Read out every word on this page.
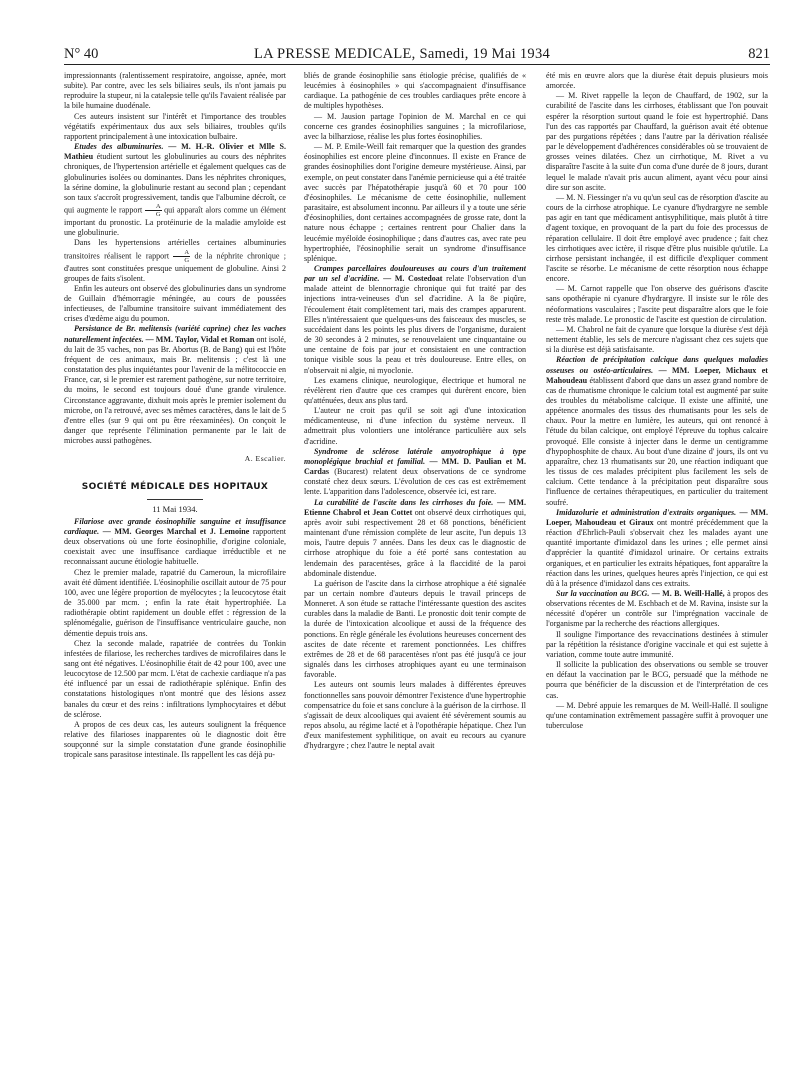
N° 40	LA PRESSE MEDICALE, Samedi, 19 Mai 1934	821

impressionnants (ralentissement respiratoire, angoisse, apnée, mort subite). Par contre, avec les sels biliaires seuls, ils n'ont jamais pu reproduire la stupeur, ni la catalepsie telle qu'ils l'avaient réalisée par la bile humaine duodénale.

Ces auteurs insistent sur l'intérêt et l'importance des troubles végétatifs expérimentaux dus aux sels biliaires, troubles qu'ils rapportent principalement à une intoxication bulbaire.

Etudes des albuminuries. — M. H.-R. Olivier et Mlle S. Mathieu étudient surtout les globulinuries au cours des néphrites chroniques, de l'hypertension artérielle et également quelques cas de globulinuries isolées ou dominantes. Dans les néphrites chroniques, la sérine domine, la globulinurie restant au second plan ; cependant son taux s'accroît progressivement, tandis que l'albumine décroît, ce qui augmente le rapport $\frac{A}{G}$ qui apparaît alors comme un élément important du pronostic. La protéinurie de la maladie amyloïde est une globulinurie.

Dans les hypertensions artérielles certaines albuminuries transitoires réalisent le rapport $\frac{A}{G}$ de la néphrite chronique ; d'autres sont constituées presque uniquement de globuline. Ainsi 2 groupes de faits s'isolent.

Enfin les auteurs ont observé des globulinuries dans un syndrome de Guillain d'hémorragie méningée, au cours de poussées infectieuses, de l'albumine transitoire suivant immédiatement des crises d'œdème aigu du poumon.

Persistance de Br. melitensis (variété caprine) chez les vaches naturellement infectées. — MM. Taylor, Vidal et Roman ont isolé, du lait de 35 vaches, non pas Br. Abortus (B. de Bang) qui est l'hôte fréquent de ces animaux, mais Br. melitensis ; c'est là une constatation des plus inquiétantes pour l'avenir de la mélitococcie en France, car, si le premier est rarement pathogène, sur notre territoire, du moins, le second est toujours doué d'une grande virulence. Circonstance aggravante, dixhuit mois après le premier isolement du microbe, on l'a retrouvé, avec ses mêmes caractères, dans le lait de 5 d'entre elles (sur 9 qui ont pu être réexaminées). On conçoit le danger que représente l'élimination permanente par le lait de microbes aussi pathogènes.

A. Escalier.
SOCIÉTÉ MÉDICALE DES HOPITAUX
11 Mai 1934.

Filariose avec grande éosinophilie sanguine et insuffisance cardiaque. — MM. Georges Marchal et J. Lemoine rapportent deux observations où une forte éosinophilie, d'origine coloniale, coexistait avec une insuffisance cardiaque irréductible et ne reconnaissant aucune étiologie habituelle.

Chez le premier malade, rapatrié du Cameroun, la microfilaire avait été dûment identifiée. L'éosinophilie oscillait autour de 75 pour 100, avec une légère proportion de myélocytes ; la leucocytose était de 35.000 par mcm. ; enfin la rate était hypertrophiée. La radiothérapie obtint rapidement un double effet : régression de la splénomégalie, guérison de l'insuffisance ventriculaire gauche, non démentie depuis trois ans.

Chez la seconde malade, rapatriée de contrées du Tonkin infestées de filariose, les recherches tardives de microfilaires dans le sang ont été négatives. L'éosinophilie était de 42 pour 100, avec une leucocytose de 12.500 par mcm. L'état de cachexie cardiaque n'a pas été influencé par un essai de radiothérapie splénique. Enfin des constatations histologiques n'ont montré que des lésions assez banales du cœur et des reins : infiltrations lymphocytaires et début de sclérose.

A propos de ces deux cas, les auteurs soulignent la fréquence relative des filarioses inapparentes où le diagnostic doit être soupçonné sur la simple constatation d'une grande éosinophilie tropicale sans parasitose intestinale. Ils rappellent les cas déjà pu-

bliés de grande éosinophilie sans étiologie précise, qualifiés de « leucémies à éosinophiles » qui s'accompagnaient d'insuffisance cardiaque. La pathogénie de ces troubles cardiaques prête encore à de multiples hypothèses.

— M. Jausion partage l'opinion de M. Marchal en ce qui concerne ces grandes éosinophilies sanguines ; la microfilariose, avec la bilharziose, réalise les plus fortes éosinophilies.

— M. P. Emile-Weill fait remarquer que la question des grandes éosinophilies est encore pleine d'inconnues. Il existe en France de grandes éosinophilies dont l'origine demeure mystérieuse. Ainsi, par exemple, on peut constater dans l'anémie pernicieuse qui a été traitée avec succès par l'hépatothérapie jusqu'à 60 et 70 pour 100 d'éosinophiles. Le mécanisme de cette éosinophilie, nullement parasitaire, est absolument inconnu. Par ailleurs il y a toute une série d'éosinophilies, dont certaines accompagnées de grosse rate, dont la nature nous échappe ; certaines rentrent pour Chalier dans la leucémie myéloïde éosinophilique ; dans d'autres cas, avec rate peu hypertrophiée, l'éosinophilie serait un syndrome d'insuffisance splénique.

Crampes parcellaires douloureuses au cours d'un traitement par un sel d'acridine. — M. Costedoat relate l'observation d'un malade atteint de blennorragie chronique qui fut traité par des injections intra-veineuses d'un sel d'acridine. A la 8e piqûre, l'écoulement était complètement tari, mais des crampes apparurent. Elles n'intéressaient que quelques-uns des faisceaux des muscles, se succédaient dans les points les plus divers de l'organisme, duraient de 30 secondes à 2 minutes, se renouvelaient une cinquantaine ou une centaine de fois par jour et consistaient en une contraction tonique visible sous la peau et très douloureuse. Entre elles, on n'observait ni algie, ni myoclonie.

Les examens clinique, neurologique, électrique et humoral ne révélèrent rien d'autre que ces crampes qui durèrent encore, bien qu'atténuées, deux ans plus tard.

L'auteur ne croit pas qu'il se soit agi d'une intoxication médicamenteuse, ni d'une infection du système nerveux. Il admettrait plus volontiers une intolérance particulière aux sels d'acridine.

Syndrome de sclérose latérale amyotrophique à type monoplégique brachial et familial. — MM. D. Paulian et M. Cardas (Bucarest) relatent deux observations de ce syndrome constaté chez deux sœurs. L'évolution de ces cas est extrêmement lente. L'apparition dans l'adolescence, observée ici, est rare.

La curabilité de l'ascite dans les cirrhoses du foie. — MM. Etienne Chabrol et Jean Cottet ont observé deux cirrhotiques qui, après avoir subi respectivement 28 et 68 ponctions, bénéficient maintenant d'une rémission complète de leur ascite, l'un depuis 13 mois, l'autre depuis 7 années. Dans les deux cas le diagnostic de cirrhose atrophique du foie a été porté sans contestation au lendemain des paracentèses, grâce à la flaccidité de la paroi abdominale distendue.

La guérison de l'ascite dans la cirrhose atrophique a été signalée par un certain nombre d'auteurs depuis le travail princeps de Monneret. A son étude se rattache l'intéressante question des ascites curables dans la maladie de Banti. Le pronostic doit tenir compte de la durée de l'intoxication alcoolique et aussi de la fréquence des ponctions. En règle générale les évolutions heureuses concernent des ascites de date récente et rarement ponctionnées. Les chiffres extrêmes de 28 et de 68 paracentèses n'ont pas été jusqu'à ce jour signalés dans les cirrhoses atrophiques ayant eu une terminaison favorable.

Les auteurs ont soumis leurs malades à différentes épreuves fonctionnelles sans pouvoir démontrer l'existence d'une hypertrophie compensatrice du foie et sans conclure à la guérison de la cirrhose. Il s'agissait de deux alcooliques qui avaient été sévèrement soumis au repos absolu, au régime lacté et à l'opothérapie hépatique. Chez l'un d'eux manifestement syphilitique, on avait eu recours au cyanure d'hydrargyre ; chez l'autre le neptal avait

été mis en œuvre alors que la diurèse était depuis plusieurs mois amorcée.

— M. Rivet rappelle la leçon de Chauffard, de 1902, sur la curabilité de l'ascite dans les cirrhoses, établissant que l'on pouvait espérer la résorption surtout quand le foie est hypertrophié. Dans l'un des cas rapportés par Chauffard, la guérison avait été obtenue par des purgations répétées ; dans l'autre par la dérivation réalisée par le développement d'adhérences considérables où se trouvaient de grosses veines dilatées. Chez un cirrhotique, M. Rivet a vu disparaître l'ascite à la suite d'un coma d'une durée de 8 jours, durant lequel le malade n'avait pris aucun aliment, ayant vécu pour ainsi dire sur son ascite.

— M. N. Fiessinger n'a vu qu'un seul cas de résorption d'ascite au cours de la cirrhose atrophique. Le cyanure d'hydrargyre ne semble pas agir en tant que médicament antisyphilitique, mais plutôt à titre d'agent toxique, en provoquant de la part du foie des processus de réparation cellulaire. Il doit être employé avec prudence ; fait chez les cirrhotiques avec ictère, il risque d'être plus nuisible qu'utile. La cirrhose persistant inchangée, il est difficile d'expliquer comment l'ascite se résorbe. Le mécanisme de cette résorption nous échappe encore.

— M. Carnot rappelle que l'on observe des guérisons d'ascite sans opothérapie ni cyanure d'hydrargyre. Il insiste sur le rôle des néoformations vasculaires ; l'ascite peut disparaître alors que le foie reste très malade. Le pronostic de l'ascite est question de circulation.

— M. Chabrol ne fait de cyanure que lorsque la diurèse s'est déjà nettement établie, les sels de mercure n'agissant chez ces sujets que si la diurèse est déjà satisfaisante.

Réaction de précipitation calcique dans quelques maladies osseuses ou ostéo-articulaires. — MM. Loeper, Michaux et Mahoudeau établissent d'abord que dans un assez grand nombre de cas de rhumatisme chronique le calcium total est augmenté par suite des troubles du métabolisme calcique. Il existe une affinité, une appétence anormales des tissus des rhumatisants pour les sels de chaux. Pour la mettre en lumière, les auteurs, qui ont renoncé à l'étude du bilan calcique, ont employé l'épreuve du tophus calcaire provoqué. Elle consiste à injecter dans le derme un centigramme d'hypophosphite de chaux. Au bout d'une dizaine d' jours, ils ont vu apparaître, chez 13 rhumatisants sur 20, une réaction indiquant que les tissus de ces malades précipitent plus facilement les sels de calcium. Cette tendance à la précipitation peut disparaître sous l'influence de certaines thérapeutiques, en particulier du traitement soufré.

Imidazolurie et administration d'extraits organiques. — MM. Loeper, Mahoudeau et Giraux ont montré précédemment que la réaction d'Ehrlich-Pauli s'observait chez les malades ayant une quantité importante d'imidazol dans les urines ; elle permet ainsi d'apprécier la quantité d'imidazol urinaire. Or certains extraits organiques, et en particulier les extraits hépatiques, font apparaître la réaction dans les urines, quelques heures après l'injection, ce qui est dû à la présence d'imidazol dans ces extraits.

Sur la vaccination au BCG. — M. B. Weill-Hallé, à propos des observations récentes de M. Eschbach et de M. Ravina, insiste sur la nécessité d'opérer un contrôle sur l'imprégnation vaccinale de l'organisme par la recherche des réactions allergiques.

Il souligne l'importance des revaccinations destinées à stimuler par la répétition la résistance d'origine vaccinale et qui est sujette à variation, comme toute autre immunité.

Il sollicite la publication des observations ou semble se trouver en défaut la vaccination par le BCG, persuadé que la méthode ne pourra que bénéficier de la discussion et de l'interprétation de ces cas.

— M. Debré appuie les remarques de M. Weill-Hallé. Il souligne qu'une contamination extrêmement passagère suffit à provoquer une tuberculose
